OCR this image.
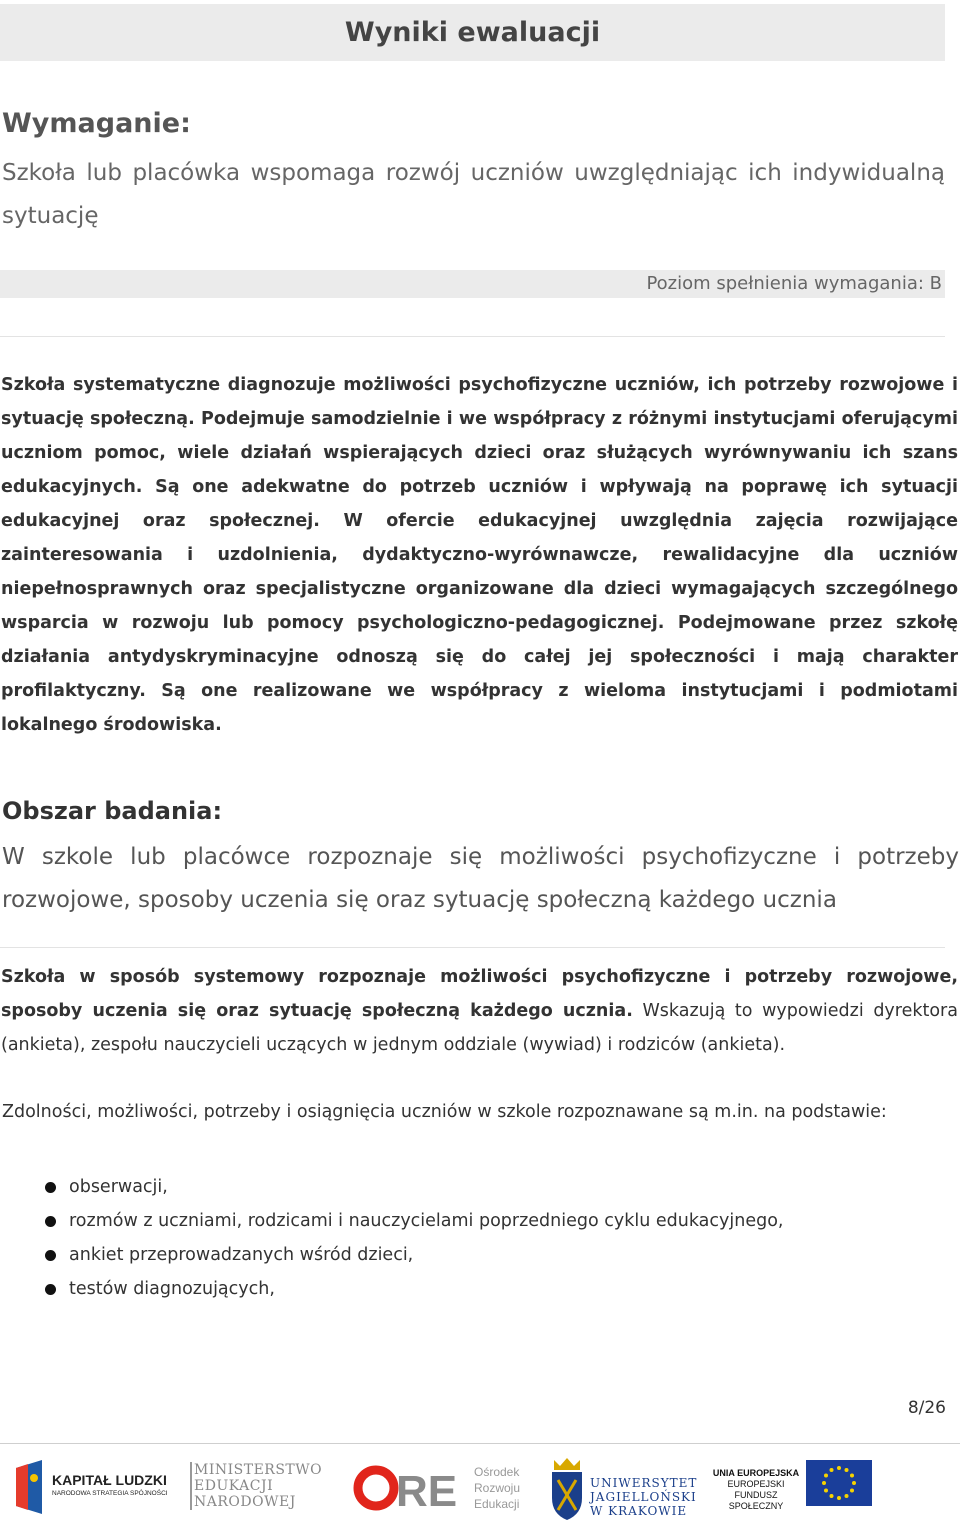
Wyniki ewaluacji
Wymaganie:
Szkoła lub placówka wspomaga rozwój uczniów uwzględniając ich indywidualną sytuację
Poziom spełnienia wymagania: B
Szkoła systematyczne diagnozuje możliwości psychofizyczne uczniów, ich potrzeby rozwojowe i sytuację społeczną. Podejmuje samodzielnie i we współpracy z różnymi instytucjami oferującymi uczniom pomoc, wiele działań wspierających dzieci oraz służących wyrównywaniu ich szans edukacyjnych. Są one adekwatne do potrzeb uczniów i wpływają na poprawę ich sytuacji edukacyjnej oraz społecznej. W ofercie edukacyjnej uwzględnia zajęcia rozwijające zainteresowania i uzdolnienia, dydaktyczno-wyrównawcze, rewalidacyjne dla uczniów niepełnosprawnych oraz specjalistyczne organizowane dla dzieci wymagających szczególnego wsparcia w rozwoju lub pomocy psychologiczno-pedagogicznej. Podejmowane przez szkołę działania antydyskryminacyjne odnoszą się do całej jej społeczności i mają charakter profilaktyczny. Są one realizowane we współpracy z wieloma instytucjami i podmiotami lokalnego środowiska.
Obszar badania:
W szkole lub placówce rozpoznaje się możliwości psychofizyczne i potrzeby rozwojowe, sposoby uczenia się oraz sytuację społeczną każdego ucznia
Szkoła w sposób systemowy rozpoznaje możliwości psychofizyczne i potrzeby rozwojowe, sposoby uczenia się oraz sytuację społeczną każdego ucznia. Wskazują to wypowiedzi dyrektora (ankieta), zespołu nauczycieli uczących w jednym oddziale (wywiad) i rodziców (ankieta).
Zdolności, możliwości, potrzeby i osiągnięcia uczniów w szkole rozpoznawane są m.in. na podstawie:
obserwacji,
rozmów z uczniami, rodzicami i nauczycielami poprzedniego cyklu edukacyjnego,
ankiet przeprowadzanych wśród dzieci,
testów diagnozujących,
8/26
KAPITAŁ LUDZKI
NARODOWA STRATEGIA SPÓJNOŚCI
MINISTERSTWO
EDUKACJI
NARODOWEJ	RE Ośrodek
Rozwoju
Edukacji
UNIWERSYTET
JAGIELLOŃSKI
W KRAKOWIE
UNIA EUROPEJSKA
EUROPEJSKI
FUNDUSZ SPOŁECZNY
